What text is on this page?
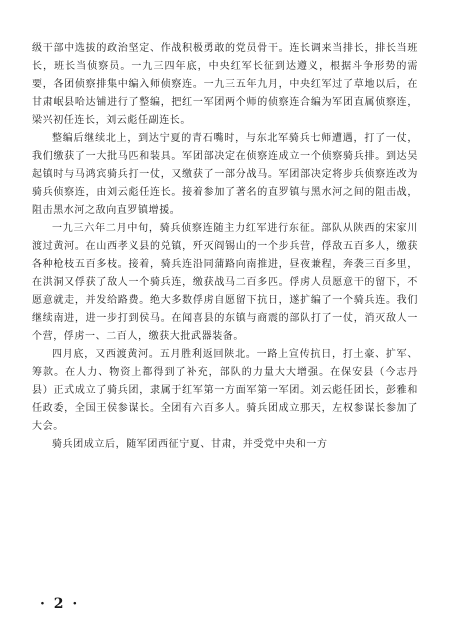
级干部中选拔的政治坚定、作战积极勇敢的党员骨干。连长调来当排长，排长当班长，班长当侦察员。一九三四年底，中央红军长征到达遵义，根据斗争形势的需要，各团侦察排集中编入师侦察连。一九三五年九月，中央红军过了草地以后，在甘肃岷县哈达铺进行了整编，把红一军团两个师的侦察连合编为军团直属侦察连，梁兴初任连长，刘云彪任副连长。

整编后继续北上，到达宁夏的青石嘴时，与东北军骑兵七师遭遇，打了一仗，我们缴获了一大批马匹和装具。军团部决定在侦察连成立一个侦察骑兵排。到达吴起镇时与马鸿宾骑兵打一仗，又缴获了一部分战马。军团部决定将步兵侦察连改为骑兵侦察连，由刘云彪任连长。接着参加了著名的直罗镇与黑水河之间的阻击战，阻击黑水河之敌向直罗镇增援。

一九三六年二月中旬，骑兵侦察连随主力红军进行东征。部队从陕西的宋家川渡过黄河。在山西孝义县的兑镇，歼灭阎锡山的一个步兵营，俘敌五百多人，缴获各种枪枝五百多枝。接着，骑兵连沿同蒲路向南推进，昼夜兼程，奔袭三百多里，在洪洞又俘获了敌人一个骑兵连，缴获战马二百多匹。俘虏人员愿意干的留下，不愿意就走，并发给路费。绝大多数俘虏自愿留下抗日，遂扩编了一个骑兵连。我们继续南进，进一步打到侯马。在闻喜县的东镇与商震的部队打了一仗，消灭敌人一个营，俘虏一、二百人，缴获大批武器装备。

四月底，又西渡黄河。五月胜利返回陕北。一路上宣传抗日，打土豪、扩军、筹款。在人力、物资上都得到了补充，部队的力量大大增强。在保安县（今志丹县）正式成立了骑兵团，隶属于红军第一方面军第一军团。刘云彪任团长，彭雅和任政委，全国王侯参谋长。全团有六百多人。骑兵团成立那天，左权参谋长参加了大会。

骑兵团成立后，随军团西征宁夏、甘肃，并受党中央和一方

· 2 ·
